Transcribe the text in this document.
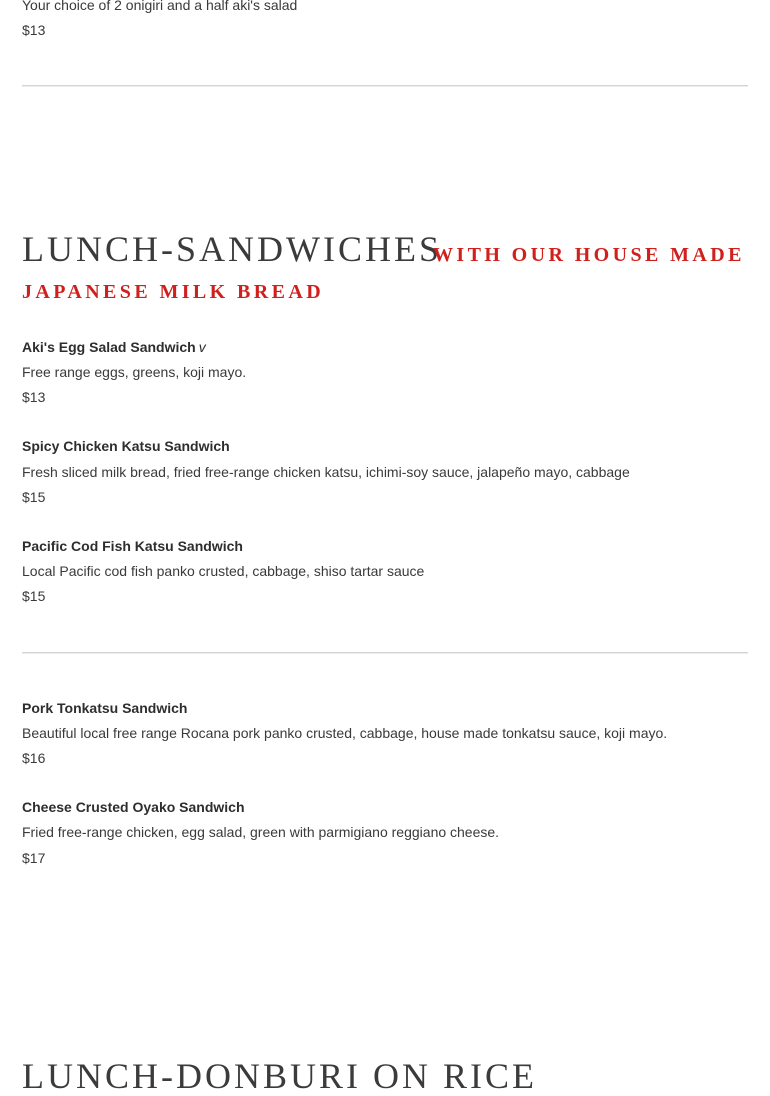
Your choice of 2 onigiri and a half aki's salad
$13
LUNCH-SANDWICHES
WITH OUR HOUSE MADE
JAPANESE MILK BREAD
Aki's Egg Salad Sandwich v
Free range eggs, greens, koji mayo.
$13
Spicy Chicken Katsu Sandwich
Fresh sliced milk bread, fried free-range chicken katsu, ichimi-soy sauce, jalapeño mayo, cabbage
$15
Pacific Cod Fish Katsu Sandwich
Local Pacific cod fish panko crusted, cabbage, shiso tartar sauce
$15
Pork Tonkatsu Sandwich
Beautiful local free range Rocana pork panko crusted, cabbage, house made tonkatsu sauce, koji mayo.
$16
Cheese Crusted Oyako Sandwich
Fried free-range chicken, egg salad, green with parmigiano reggiano cheese.
$17
LUNCH-DONBURI ON RICE
